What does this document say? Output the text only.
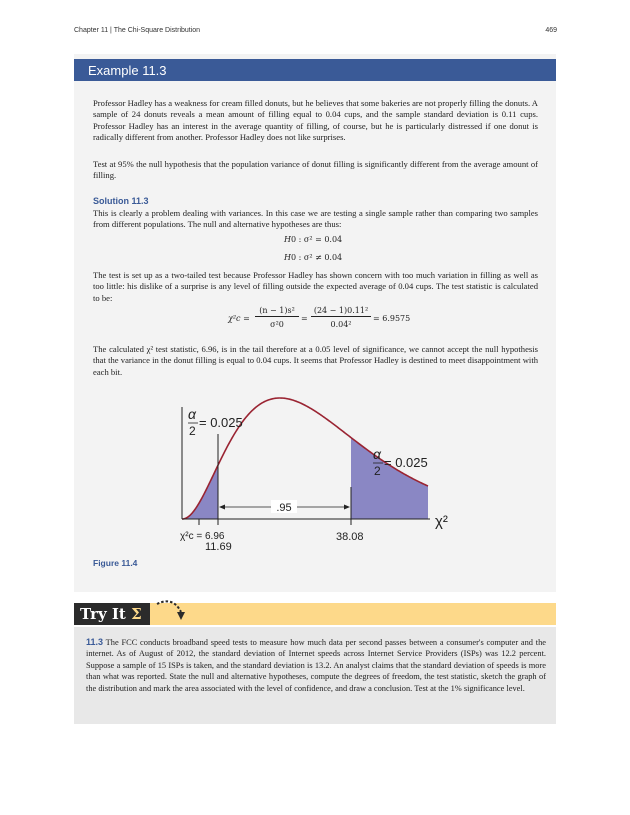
Chapter 11 | The Chi-Square Distribution	469
Example 11.3
Professor Hadley has a weakness for cream filled donuts, but he believes that some bakeries are not properly filling the donuts. A sample of 24 donuts reveals a mean amount of filling equal to 0.04 cups, and the sample standard deviation is 0.11 cups. Professor Hadley has an interest in the average quantity of filling, of course, but he is particularly distressed if one donut is radically different from another. Professor Hadley does not like surprises.
Test at 95% the null hypothesis that the population variance of donut filling is significantly different from the average amount of filling.
Solution 11.3
This is clearly a problem dealing with variances. In this case we are testing a single sample rather than comparing two samples from different populations. The null and alternative hypotheses are thus:
H0 : σ² = 0.04
H0 : σ² ≠ 0.04
The test is set up as a two-tailed test because Professor Hadley has shown concern with too much variation in filling as well as too little: his dislike of a surprise is any level of filling outside the expected average of 0.04 cups. The test statistic is calculated to be:
χ²c =
(n − 1)s²
σ²0
=
(24 − 1)0.11²
0.04²
= 6.9575
The calculated χ² test statistic, 6.96, is in the tail therefore at a 0.05 level of significance, we cannot accept the null hypothesis that the variance in the donut filling is equal to 0.04 cups. It seems that Professor Hadley is destined to meet disappointment with each bit.
.95
α
2
= 0.025
α
2
= 0.025
χ²
χ²c = 6.96
11.69
38.08
Figure 11.4
Try It Σ
11.3 The FCC conducts broadband speed tests to measure how much data per second passes between a consumer's computer and the internet. As of August of 2012, the standard deviation of Internet speeds across Internet Service Providers (ISPs) was 12.2 percent. Suppose a sample of 15 ISPs is taken, and the standard deviation is 13.2. An analyst claims that the standard deviation of speeds is more than what was reported. State the null and alternative hypotheses, compute the degrees of freedom, the test statistic, sketch the graph of the distribution and mark the area associated with the level of confidence, and draw a conclusion. Test at the 1% significance level.
